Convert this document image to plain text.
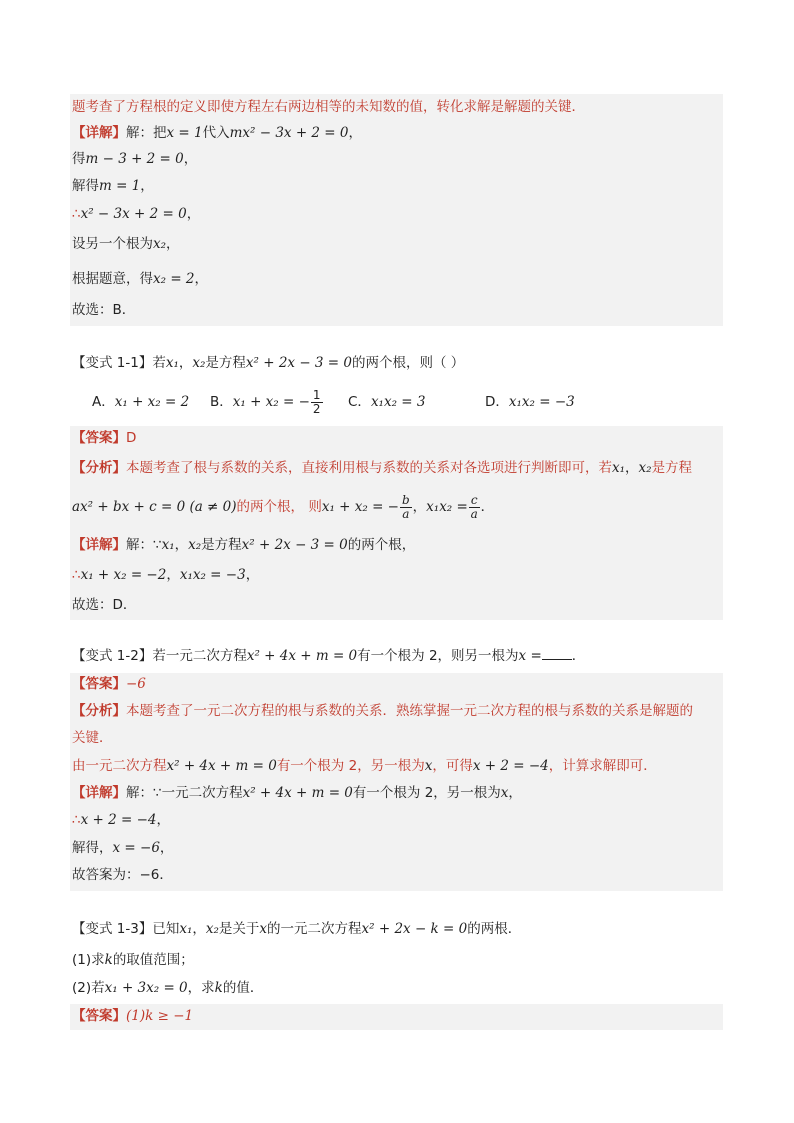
题考查了方程根的定义即使方程左右两边相等的未知数的值，转化求解是解题的关键．
【详解】解：把x = 1代入mx² − 3x + 2 = 0，
得m − 3 + 2 = 0，
解得m = 1，
∴x² − 3x + 2 = 0，
设另一个根为x₂，
根据题意，得x₂ = 2，
故选：B．
【变式 1-1】若x₁，x₂是方程x² + 2x − 3 = 0的两个根，则（ ）
A．x₁ + x₂ = 2 B．x₁ + x₂ = − $\frac{1}{2}$ C．x₁x₂ = 3	D．x₁x₂ = −3
【答案】D
【分析】本题考查了根与系数的关系，直接利用根与系数的关系对各选项进行判断即可，若x₁，x₂是方程
ax² + bx + c = 0 (a ≠ 0)的两个根， 则x₁ + x₂ = − $\frac{b}{a}$ ，$x_1x_2 = \frac{c}{a}$ ．
【详解】解：∵x₁，x₂是方程x² + 2x − 3 = 0的两个根，
∴x₁ + x₂ = −2，x₁x₂ = −3，
故选：D．
【变式 1-2】若一元二次方程x² + 4x + m = 0有一个根为 2，则另一根为x = ．
【答案】−6
【分析】本题考查了一元二次方程的根与系数的关系．熟练掌握一元二次方程的根与系数的关系是解题的
关键．
由一元二次方程x² + 4x + m = 0有一个根为 2，另一根为x，可得x + 2 = −4，计算求解即可．
【详解】解：∵一元二次方程x² + 4x + m = 0有一个根为 2，另一根为x，
∴x + 2 = −4，
解得，x = −6，
故答案为：−6．
【变式 1-3】已知x₁，x₂是关于x的一元二次方程x² + 2x − k = 0的两根．
(1)求k的取值范围；
(2)若x₁ + 3x₂ = 0，求k的值．
【答案】(1)k ≥ −1
